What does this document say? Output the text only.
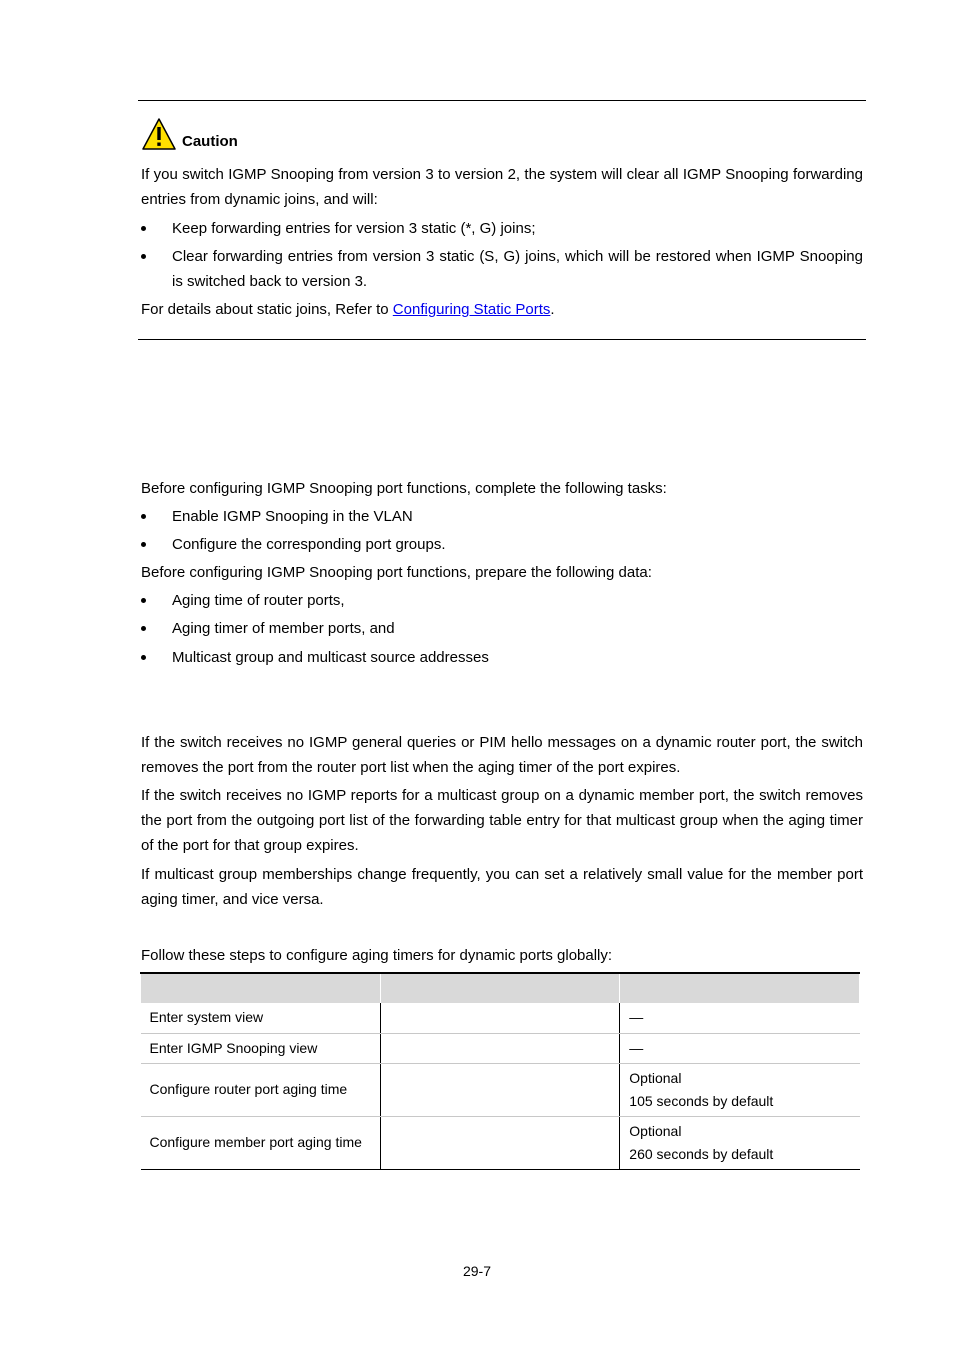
Caution

If you switch IGMP Snooping from version 3 to version 2, the system will clear all IGMP Snooping forwarding entries from dynamic joins, and will:

Keep forwarding entries for version 3 static (*, G) joins;
Clear forwarding entries from version 3 static (S, G) joins, which will be restored when IGMP Snooping is switched back to version 3.

For details about static joins, Refer to Configuring Static Ports.

Before configuring IGMP Snooping port functions, complete the following tasks:

Enable IGMP Snooping in the VLAN
Configure the corresponding port groups.

Before configuring IGMP Snooping port functions, prepare the following data:

Aging time of router ports,
Aging timer of member ports, and
Multicast group and multicast source addresses

If the switch receives no IGMP general queries or PIM hello messages on a dynamic router port, the switch removes the port from the router port list when the aging timer of the port expires.

If the switch receives no IGMP reports for a multicast group on a dynamic member port, the switch removes the port from the outgoing port list of the forwarding table entry for that multicast group when the aging timer of the port for that group expires.

If multicast group memberships change frequently, you can set a relatively small value for the member port aging timer, and vice versa.

Follow these steps to configure aging timers for dynamic ports globally:

Enter system view		—

Enter IGMP Snooping view		—

Configure router port aging time		Optional
105 seconds by default

Configure member port aging time		Optional
260 seconds by default
29-7
